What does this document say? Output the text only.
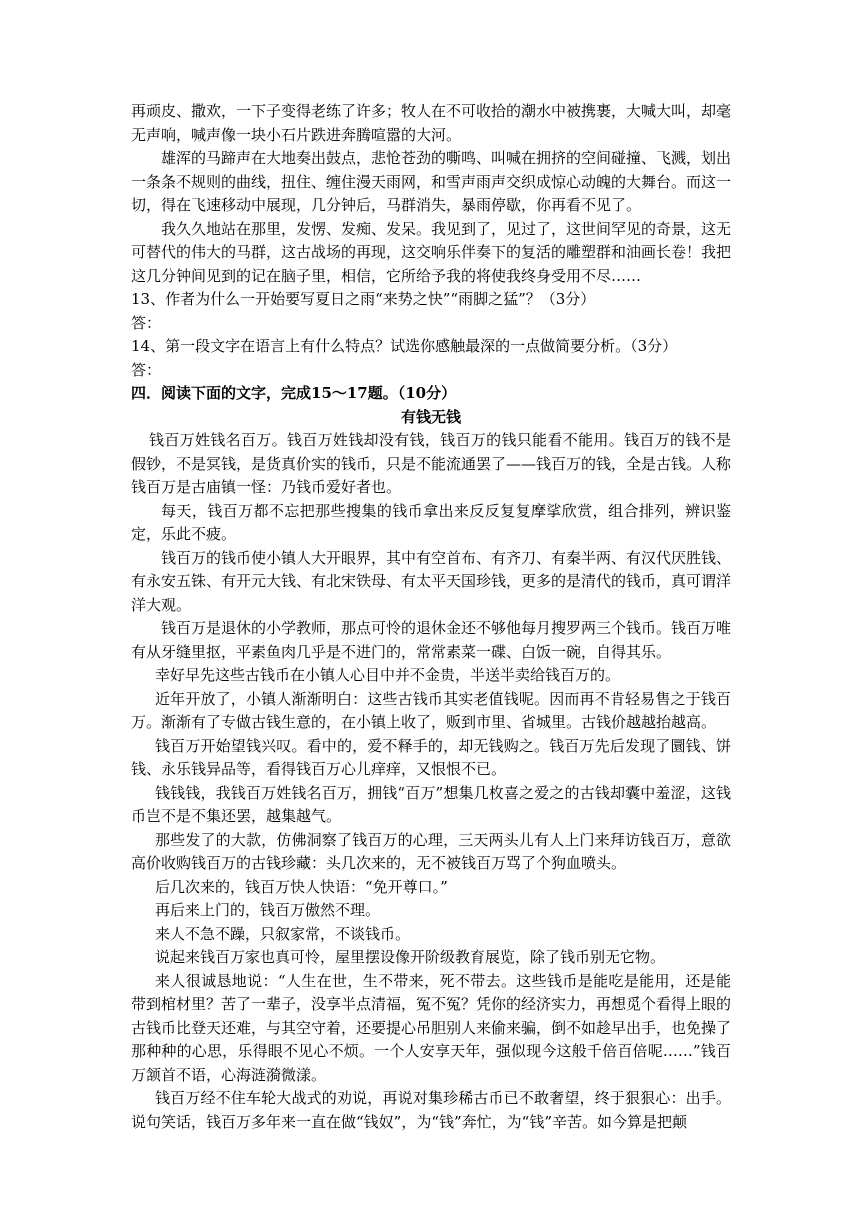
再顽皮、撒欢，一下子变得老练了许多；牧人在不可收拾的潮水中被携裹，大喊大叫，却毫无声响，喊声像一块小石片跌进奔腾喧嚣的大河。

雄浑的马蹄声在大地奏出鼓点，悲怆苍劲的嘶鸣、叫喊在拥挤的空间碰撞、飞溅，划出一条条不规则的曲线，扭住、缠住漫天雨网，和雪声雨声交织成惊心动魄的大舞台。而这一切，得在飞速移动中展现，几分钟后，马群消失，暴雨停歇，你再看不见了。

我久久地站在那里，发愣、发痴、发呆。我见到了，见过了，这世间罕见的奇景，这无可替代的伟大的马群，这古战场的再现，这交响乐伴奏下的复活的雕塑群和油画长卷！我把这几分钟间见到的记在脑子里，相信，它所给予我的将使我终身受用不尽……

13、作者为什么一开始要写夏日之雨“来势之快”“雨脚之猛”？（3分）

答：

14、第一段文字在语言上有什么特点？试选你感触最深的一点做简要分析。（3分）

答：

四．阅读下面的文字，完成15～17题。（10分）

有钱无钱

钱百万姓钱名百万。钱百万姓钱却没有钱，钱百万的钱只能看不能用。钱百万的钱不是假钞，不是冥钱，是货真价实的钱币，只是不能流通罢了——钱百万的钱，全是古钱。人称钱百万是古庙镇一怪：乃钱币爱好者也。

每天，钱百万都不忘把那些搜集的钱币拿出来反反复复摩挲欣赏，组合排列，辨识鉴定，乐此不疲。

钱百万的钱币使小镇人大开眼界，其中有空首布、有齐刀、有秦半两、有汉代厌胜钱、有永安五铢、有开元大钱、有北宋铁母、有太平天国珍钱，更多的是清代的钱币，真可谓洋洋大观。

钱百万是退休的小学教师，那点可怜的退休金还不够他每月搜罗两三个钱币。钱百万唯有从牙缝里抠，平素鱼肉几乎是不进门的，常常素菜一碟、白饭一碗，自得其乐。

幸好早先这些古钱币在小镇人心目中并不金贵，半送半卖给钱百万的。

近年开放了，小镇人渐渐明白：这些古钱币其实老值钱呢。因而再不肯轻易售之于钱百万。渐渐有了专做古钱生意的，在小镇上收了，贩到市里、省城里。古钱价越越抬越高。

钱百万开始望钱兴叹。看中的，爱不释手的，却无钱购之。钱百万先后发现了圜钱、饼钱、永乐钱异品等，看得钱百万心儿痒痒，又恨恨不已。

钱钱钱，我钱百万姓钱名百万，拥钱“百万”想集几枚喜之爱之的古钱却囊中羞涩，这钱币岂不是不集还罢，越集越气。

那些发了的大款，仿佛洞察了钱百万的心理，三天两头儿有人上门来拜访钱百万，意欲高价收购钱百万的古钱珍藏：头几次来的，无不被钱百万骂了个狗血喷头。

后几次来的，钱百万快人快语：“免开尊口。”

再后来上门的，钱百万傲然不理。

来人不急不躁，只叙家常，不谈钱币。

说起来钱百万家也真可怜，屋里摆设像开阶级教育展览，除了钱币别无它物。

来人很诚恳地说：“人生在世，生不带来，死不带去。这些钱币是能吃是能用，还是能带到棺材里？苦了一辈子，没享半点清福，冤不冤？凭你的经济实力，再想觅个看得上眼的古钱币比登天还难，与其空守着，还要提心吊胆别人来偷来骗，倒不如趁早出手，也免操了那种种的心思，乐得眼不见心不烦。一个人安享天年，强似现今这般千倍百倍呢……”钱百万颔首不语，心海涟漪微漾。

钱百万经不住车轮大战式的劝说，再说对集珍稀古币已不敢奢望，终于狠狠心：出手。说句笑话，钱百万多年来一直在做“钱奴”，为“钱”奔忙，为“钱”辛苦。如今算是把颠
